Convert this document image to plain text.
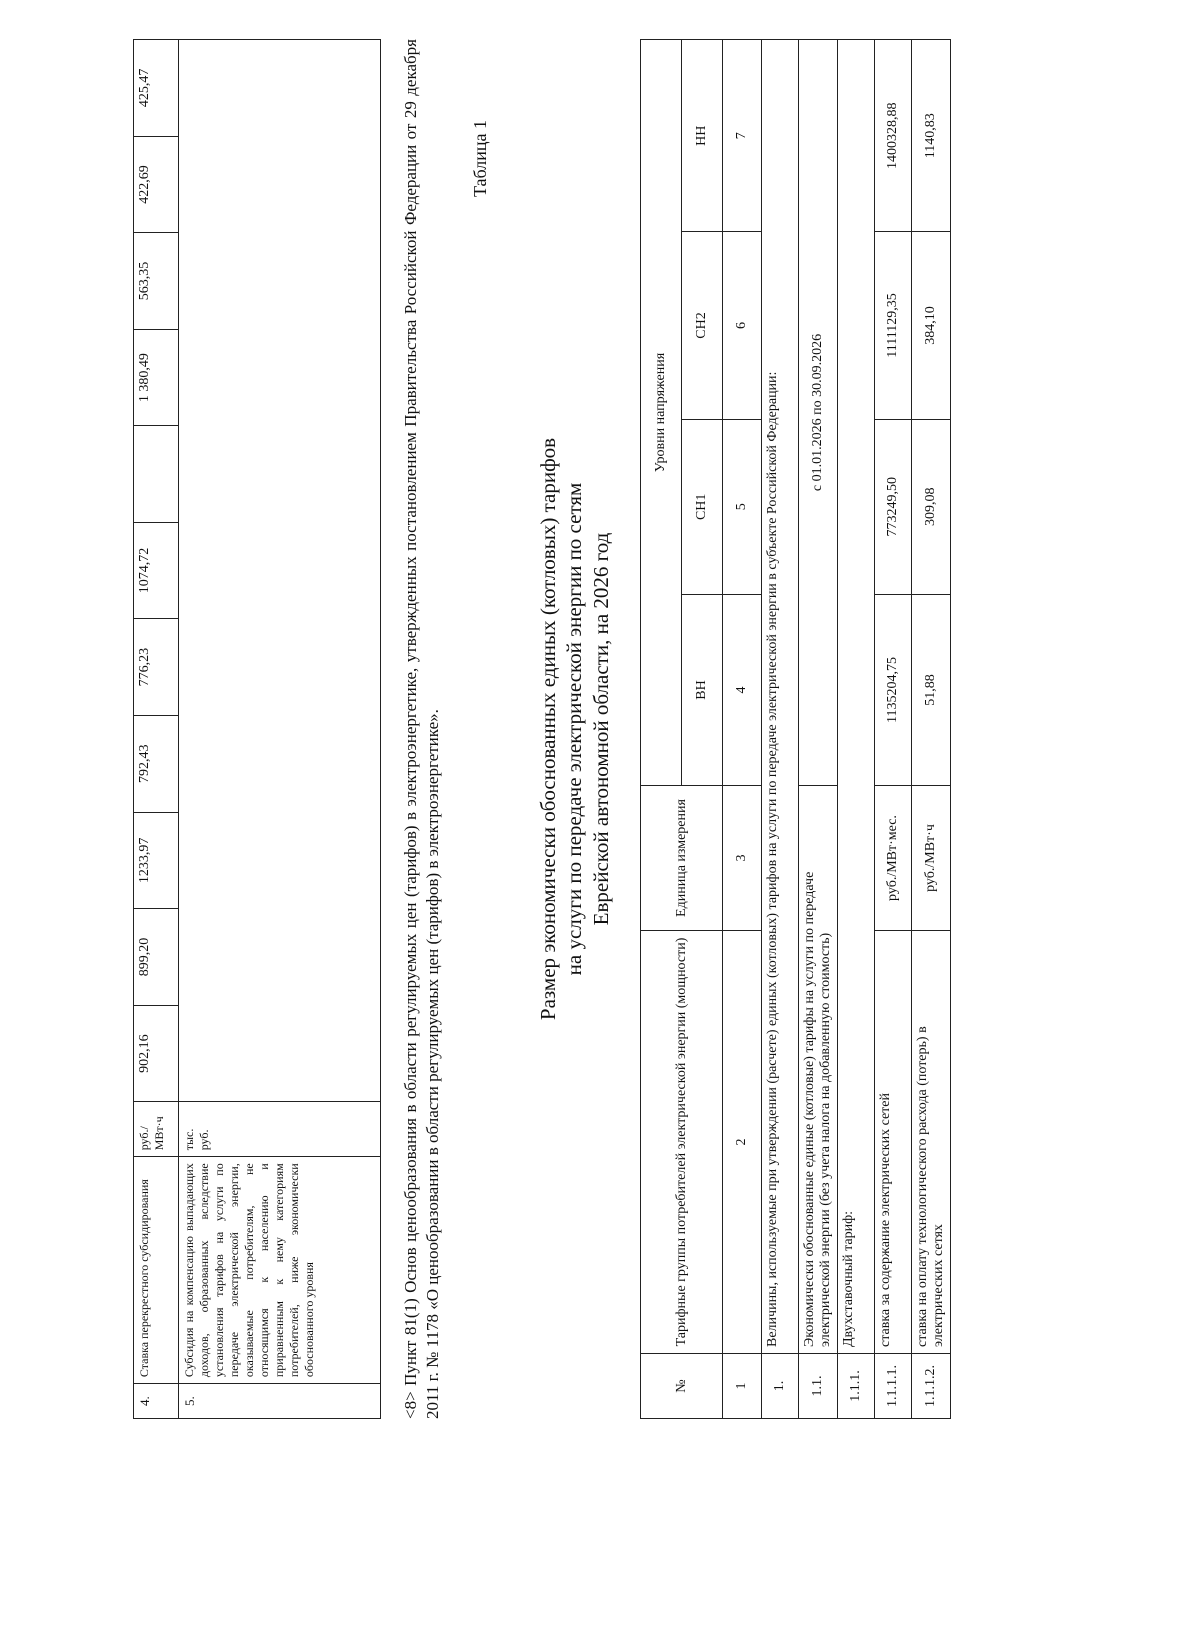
4.	Ставка перекрестного субсидирования	руб./МВт·ч	902,16	899,20	1233,97	792,43	776,23	1074,72		1 380,49	563,35	422,69	425,47
5.	Субсидия на компенсацию выпадающих доходов, образованных вследствие установления тарифов на услуги по передаче электрической энергии, оказываемые потребителям, не относящимся к населению и приравненным к нему категориям потребителей, ниже экономически обоснованного уровня	тыс. руб.												<8> Пункт 81(1) Основ ценообразования в области регулируемых цен (тарифов) в электроэнергетике, утвержденных постановлением Правительства Российской Федерации от 29 декабря 2011 г. № 1178 «О ценообразовании в области регулируемых цен (тарифов) в электроэнергетике».
Таблица 1
Размер экономически обоснованных единых (котловых) тарифов на услуги по передаче электрической энергии по сетям Еврейской автономной области, на 2026 год
№	Тарифные группы потребителей электрической энергии (мощности)	Единица измерения	Уровни напряжения			
			ВН	СН1	СН2	НН
1	2	3	4	5	6	7
1.	Величины, используемые при утверждении (расчете) единых (котловых) тарифов на услуги по передаче электрической энергии в субъекте Российской Федерации:					
1.1.	Экономически обоснованные единые (котловые) тарифы на услуги по передаче электрической энергии (без учета налога на добавленную стоимость)		с 01.01.2026 по 30.09.2026			
1.1.1.	Двухставочный тариф:					
1.1.1.1.	ставка за содержание электрических сетей	руб./МВт·мес.	1135204,75	773249,50	1111129,35	1400328,88
1.1.1.2.	ставка на оплату технологического расхода (потерь) в электрических сетях	руб./МВт·ч	51,88	309,08	384,10	1140,83
